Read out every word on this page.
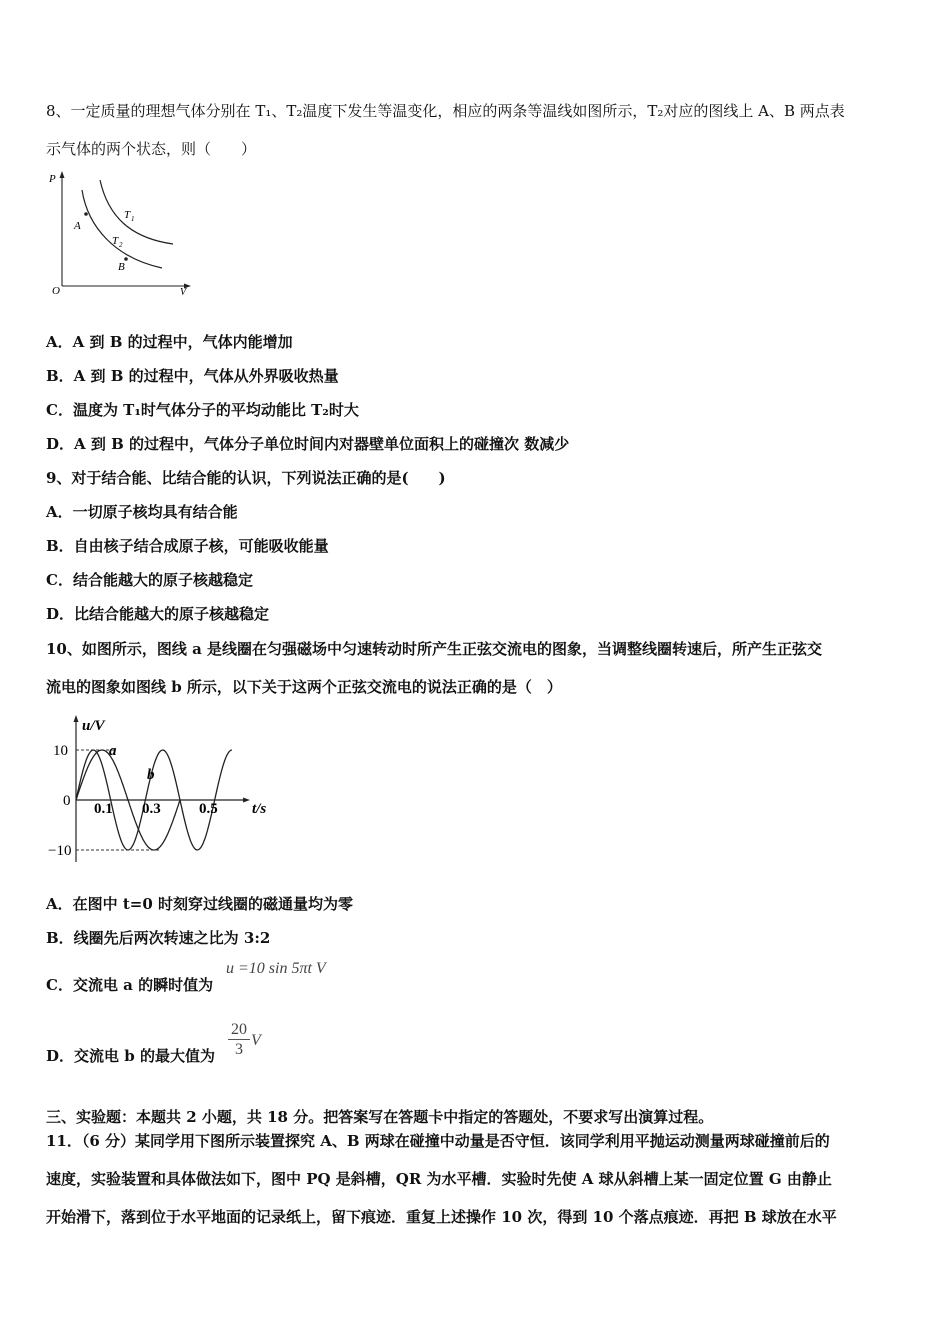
8、一定质量的理想气体分别在 T₁、T₂温度下发生等温变化，相应的两条等温线如图所示，T₂对应的图线上 A、B 两点表
示气体的两个状态，则（　　）
P
V
O
T 1
T 2
A
B
A．A 到 B 的过程中，气体内能增加
B．A 到 B 的过程中，气体从外界吸收热量
C．温度为 T₁时气体分子的平均动能比 T₂时大
D．A 到 B 的过程中，气体分子单位时间内对器壁单位面积上的碰撞次 数减少
9、对于结合能、比结合能的认识，下列说法正确的是(　　)
A．一切原子核均具有结合能
B．自由核子结合成原子核，可能吸收能量
C．结合能越大的原子核越稳定
D．比结合能越大的原子核越稳定
10、如图所示，图线 a 是线圈在匀强磁场中匀速转动时所产生正弦交流电的图象，当调整线圈转速后，所产生正弦交
流电的图象如图线 b 所示，以下关于这两个正弦交流电的说法正确的是（　）
u/V
10
0
−10
0.1 0.3	0.5 t/s
a
b
A．在图中 t=0 时刻穿过线圈的磁通量均为零
B．线圈先后两次转速之比为 3:2
C．交流电 a 的瞬时值为
u =10 sin 5πt V
D．交流电 b 的最大值为 $\frac{20}{3}$ V
三、实验题：本题共 2 小题，共 18 分。把答案写在答题卡中指定的答题处，不要求写出演算过程。
11．（6 分）某同学用下图所示装置探究 A、B 两球在碰撞中动量是否守恒．该同学利用平抛运动测量两球碰撞前后的
速度，实验装置和具体做法如下，图中 PQ 是斜槽，QR 为水平槽．实验时先使 A 球从斜槽上某一固定位置 G 由静止
开始滑下，落到位于水平地面的记录纸上，留下痕迹．重复上述操作 10 次，得到 10 个落点痕迹．再把 B 球放在水平
